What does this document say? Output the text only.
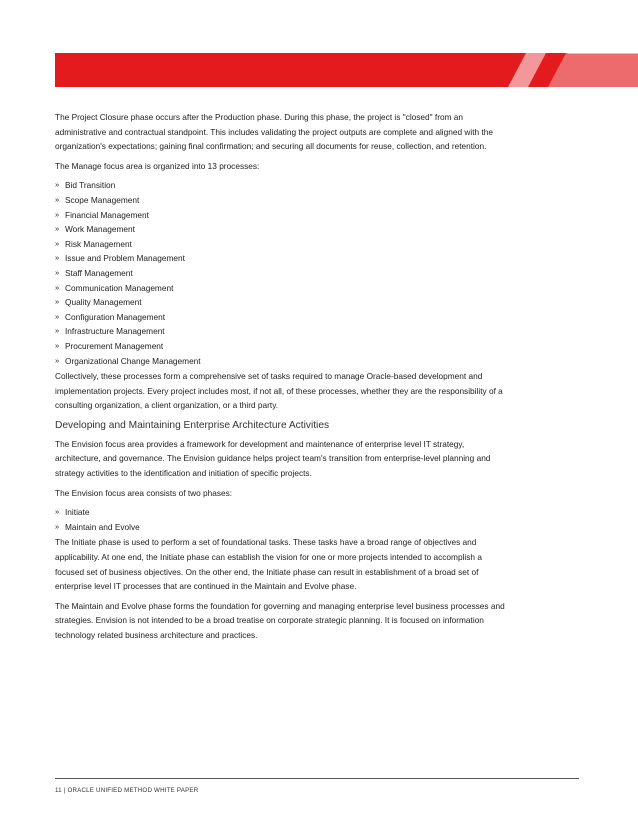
The Project Closure phase occurs after the Production phase. During this phase, the project is "closed" from an administrative and contractual standpoint. This includes validating the project outputs are complete and aligned with the organization's expectations; gaining final confirmation; and securing all documents for reuse, collection, and retention.

The Manage focus area is organized into 13 processes:

» Bid Transition
» Scope Management
» Financial Management
» Work Management
» Risk Management
» Issue and Problem Management
» Staff Management
» Communication Management
» Quality Management
» Configuration Management
» Infrastructure Management
» Procurement Management
» Organizational Change Management

Collectively, these processes form a comprehensive set of tasks required to manage Oracle-based development and implementation projects. Every project includes most, if not all, of these processes, whether they are the responsibility of a consulting organization, a client organization, or a third party.

Developing and Maintaining Enterprise Architecture Activities

The Envision focus area provides a framework for development and maintenance of enterprise level IT strategy, architecture, and governance. The Envision guidance helps project team's transition from enterprise-level planning and strategy activities to the identification and initiation of specific projects.

The Envision focus area consists of two phases:

» Initiate
» Maintain and Evolve

The Initiate phase is used to perform a set of foundational tasks. These tasks have a broad range of objectives and applicability. At one end, the Initiate phase can establish the vision for one or more projects intended to accomplish a focused set of business objectives. On the other end, the Initiate phase can result in establishment of a broad set of enterprise level IT processes that are continued in the Maintain and Evolve phase.

The Maintain and Evolve phase forms the foundation for governing and managing enterprise level business processes and strategies. Envision is not intended to be a broad treatise on corporate strategic planning. It is focused on information technology related business architecture and practices.

11 | ORACLE UNIFIED METHOD WHITE PAPER
